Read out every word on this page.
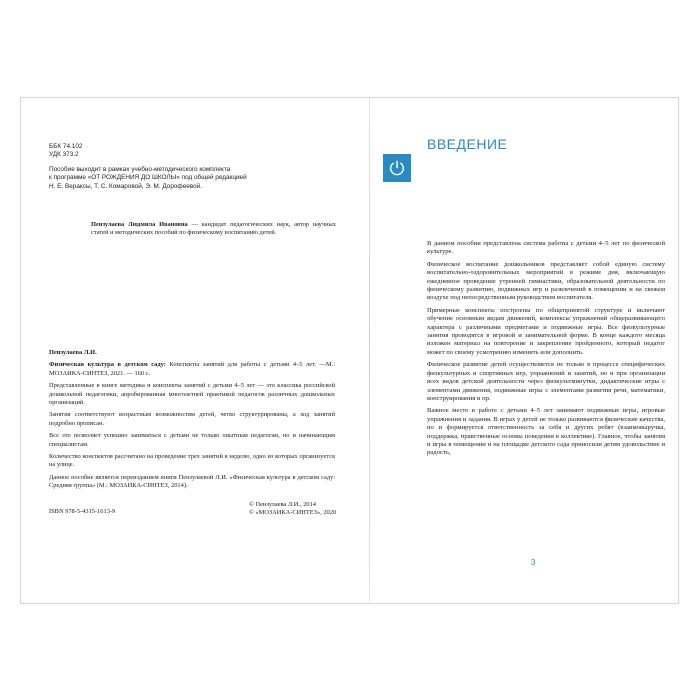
ББК 74.102
УДК 373.2
Пособие выходит в рамках учебно-методического комплекта
к программе «ОТ РОЖДЕНИЯ ДО ШКОЛЫ» под общей редакцией
Н. Е. Вераксы, Т. С. Комаровой, Э. М. Дорофеевой.
Пензулаева Людмила Ивановна — кандидат педагогических наук, автор научных статей и методических пособий по физическому воспитанию детей.

Пензулаева Л.И.

Физическая культура в детском саду: Конспекты занятий для работы с детьми 4–5 лет. —М.: МОЗАИКА-СИНТЕЗ, 2021. — 160 с.

Представленные в книге методика и конспекты занятий с детьми 4–5 лет — это классика российской дошкольной педагогики, апробированная многолетней практикой педагогов различных дошкольных организаций.

Занятия соответствуют возрастным возможностям детей, четко структурированы, а ход занятий подробно прописан.

Все это позволяет успешно заниматься с детьми не только опытным педагогам, но и начинающим специалистам.

Количество конспектов рассчитано на проведение трех занятий в неделю, одно из которых организуется на улице.

Данное пособие является переизданием книги Пензулаевой Л.И. «Физическая культура в детском саду: Средняя группа» (М.: МОЗАИКА-СИНТЕЗ, 2014).

ISBN 978-5-4315-1613-9
© Пензулаева Л.И., 2014
© «МОЗАИКА-СИНТЕЗ», 2020
ВВЕДЕНИЕ

В данном пособии представлена система работы с детьми 4–5 лет по физической культуре.

Физическое воспитание дошкольников представляет собой единую систему воспитательно-оздоровительных мероприятий в режиме дня, включающую ежедневное проведение утренней гимнастики, образовательной деятельности по физическому развитию, подвижных игр и развлечений в помещении и на свежем воздухе под непосредственным руководством воспитателя.

Примерные конспекты построены по общепринятой структуре и включают обучение основным видам движений, комплексы упражнений общеразвивающего характера с различными предметами и подвижные игры. Все физкультурные занятия проводятся в игровой и занимательной форме. В конце каждого месяца изложен материал на повторение и закрепление пройденного, который педагог может по своему усмотрению изменить или дополнить.

Физическое развитие детей осуществляется не только в процессе специфических физкультурных и спортивных игр, упражнений и занятий, но и при организации всех видов детской деятельности через физкультминутки, дидактические игры с элементами движения, подвижные игры с элементами развития речи, математики, конструирования и пр.

Важное место в работе с детьми 4–5 лет занимают подвижные игры, игровые упражнения и задания. В играх у детей не только развиваются физические качества, но и формируется ответственность за себя и других ребят (взаимовыручка, поддержка, нравственные основы поведения в коллективе). Главное, чтобы занятия и игры в помещении и на площадке детского сада приносили детям удовольствие и радость,

3
